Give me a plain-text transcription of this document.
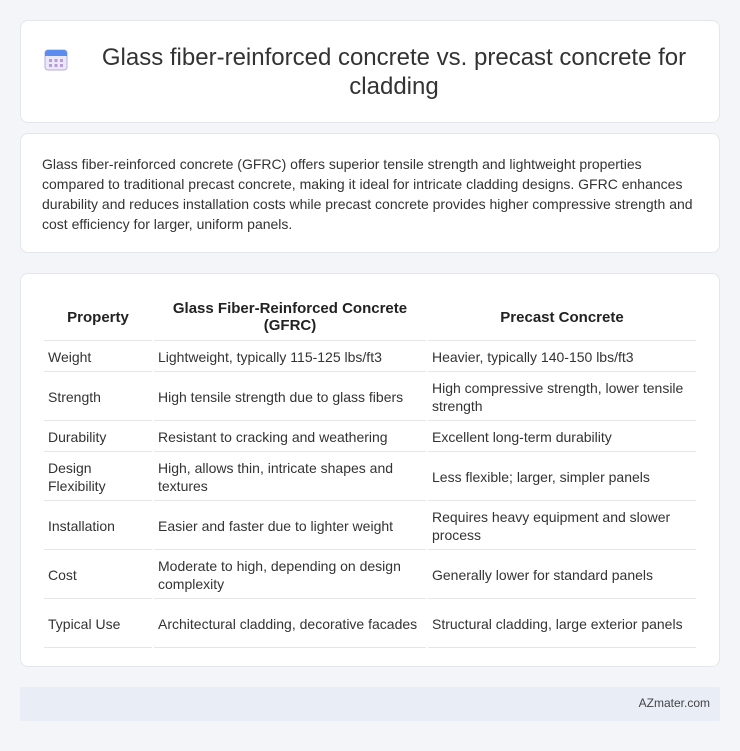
Glass fiber-reinforced concrete vs. precast concrete for cladding

Glass fiber-reinforced concrete (GFRC) offers superior tensile strength and lightweight properties compared to traditional precast concrete, making it ideal for intricate cladding designs. GFRC enhances durability and reduces installation costs while precast concrete provides higher compressive strength and cost efficiency for larger, uniform panels.

Property	Glass Fiber-Reinforced Concrete (GFRC)	Precast Concrete
Weight	Lightweight, typically 115-125 lbs/ft3	Heavier, typically 140-150 lbs/ft3
Strength	High tensile strength due to glass fibers	High compressive strength, lower tensile strength
Durability	Resistant to cracking and weathering	Excellent long-term durability
Design Flexibility	High, allows thin, intricate shapes and textures	Less flexible; larger, simpler panels
Installation	Easier and faster due to lighter weight	Requires heavy equipment and slower process
Cost	Moderate to high, depending on design complexity	Generally lower for standard panels
Typical Use	Architectural cladding, decorative facades	Structural cladding, large exterior panels
AZmater.com
